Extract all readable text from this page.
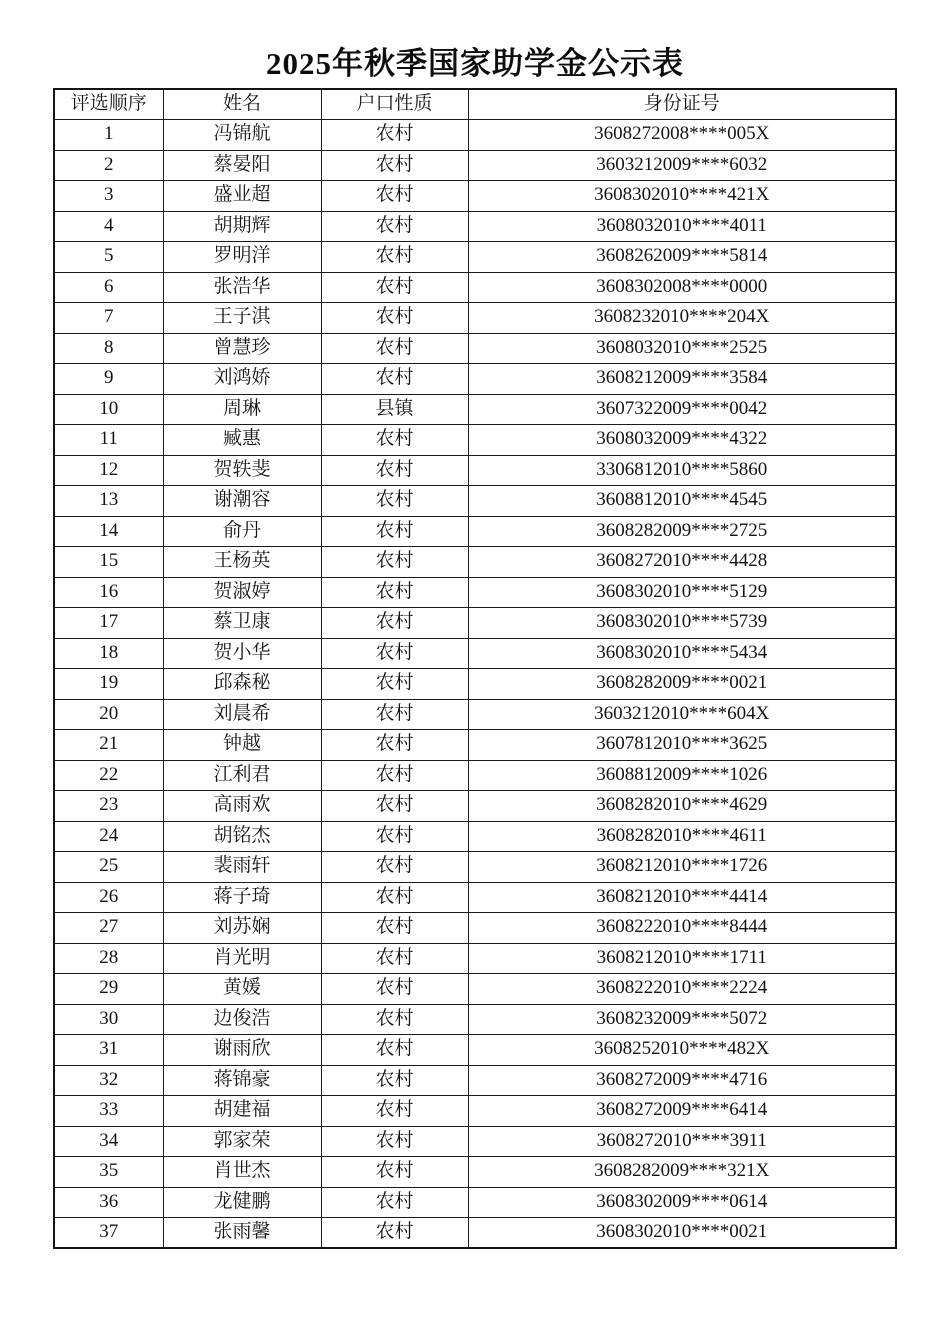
2025年秋季国家助学金公示表
评选顺序	姓名	户口性质	身份证号
1	冯锦航	农村	3608272008****005X
2	蔡晏阳	农村	3603212009****6032
3	盛业超	农村	3608302010****421X
4	胡期辉	农村	3608032010****4011
5	罗明洋	农村	3608262009****5814
6	张浩华	农村	3608302008****0000
7	王子淇	农村	3608232010****204X
8	曾慧珍	农村	3608032010****2525
9	刘鸿娇	农村	3608212009****3584
10	周琳	县镇	3607322009****0042
11	臧惠	农村	3608032009****4322
12	贺轶斐	农村	3306812010****5860
13	谢潮容	农村	3608812010****4545
14	俞丹	农村	3608282009****2725
15	王杨英	农村	3608272010****4428
16	贺淑婷	农村	3608302010****5129
17	蔡卫康	农村	3608302010****5739
18	贺小华	农村	3608302010****5434
19	邱森秘	农村	3608282009****0021
20	刘晨希	农村	3603212010****604X
21	钟越	农村	3607812010****3625
22	江利君	农村	3608812009****1026
23	高雨欢	农村	3608282010****4629
24	胡铭杰	农村	3608282010****4611
25	裴雨轩	农村	3608212010****1726
26	蒋子琦	农村	3608212010****4414
27	刘苏娴	农村	3608222010****8444
28	肖光明	农村	3608212010****1711
29	黄媛	农村	3608222010****2224
30	边俊浩	农村	3608232009****5072
31	谢雨欣	农村	3608252010****482X
32	蒋锦豪	农村	3608272009****4716
33	胡建福	农村	3608272009****6414
34	郭家荣	农村	3608272010****3911
35	肖世杰	农村	3608282009****321X
36	龙健鹏	农村	3608302009****0614
37	张雨馨	农村	3608302010****0021
